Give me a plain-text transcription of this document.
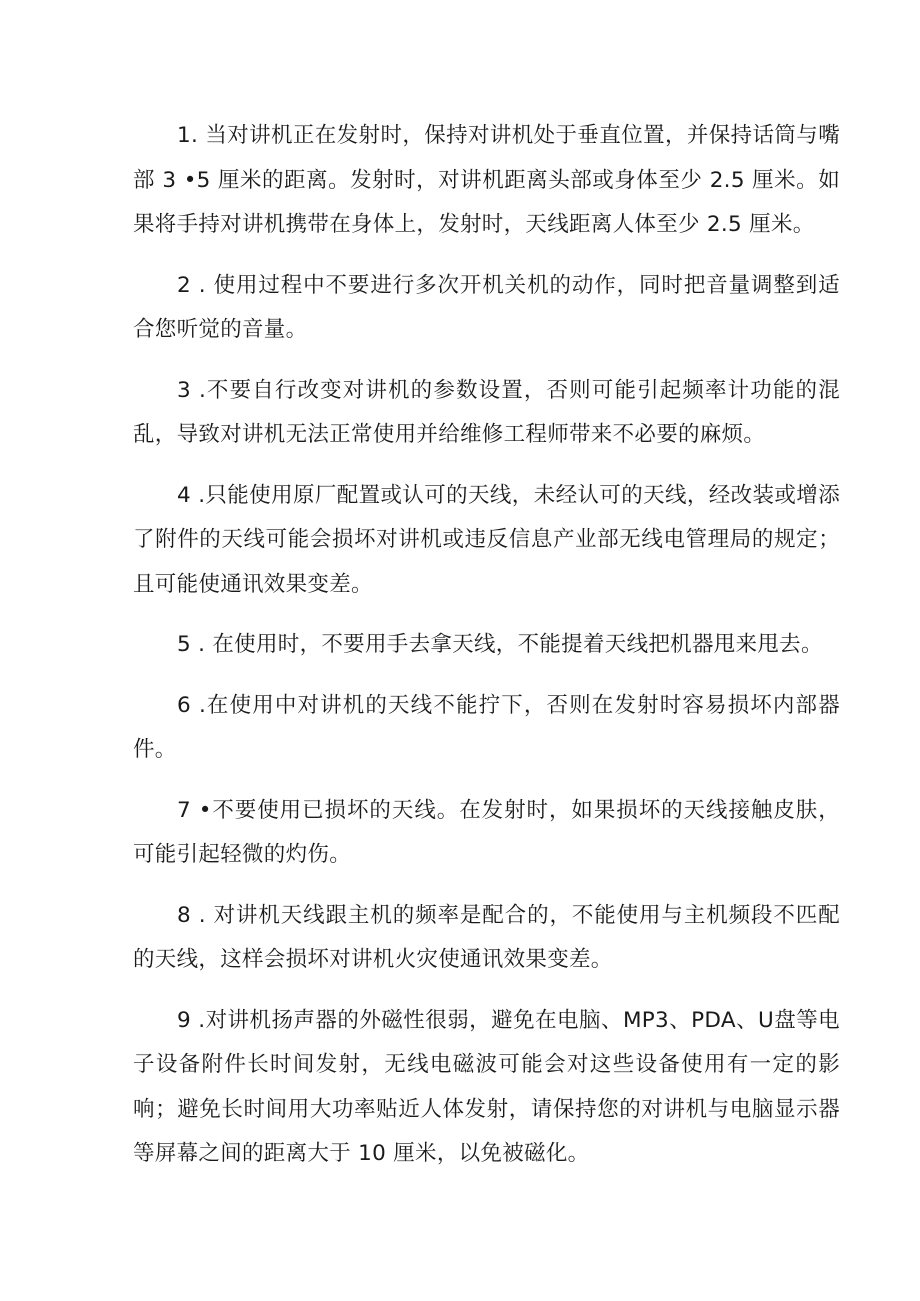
1. 当对讲机正在发射时，保持对讲机处于垂直位置，并保持话筒与嘴部 3 •5 厘米的距离。发射时，对讲机距离头部或身体至少 2.5 厘米。如果将手持对讲机携带在身体上，发射时，天线距离人体至少 2.5 厘米。

2 . 使用过程中不要进行多次开机关机的动作，同时把音量调整到适合您听觉的音量。

3 .不要自行改变对讲机的参数设置，否则可能引起频率计功能的混乱，导致对讲机无法正常使用并给维修工程师带来不必要的麻烦。

4 .只能使用原厂配置或认可的天线，未经认可的天线，经改装或增添了附件的天线可能会损坏对讲机或违反信息产业部无线电管理局的规定；且可能使通讯效果变差。

5 . 在使用时，不要用手去拿天线，不能提着天线把机器甩来甩去。

6 .在使用中对讲机的天线不能拧下，否则在发射时容易损坏内部器件。

7 •不要使用已损坏的天线。在发射时，如果损坏的天线接触皮肤，可能引起轻微的灼伤。

8 . 对讲机天线跟主机的频率是配合的，不能使用与主机频段不匹配的天线，这样会损坏对讲机火灾使通讯效果变差。

9 .对讲机扬声器的外磁性很弱，避免在电脑、MP3、PDA、U盘等电子设备附件长时间发射，无线电磁波可能会对这些设备使用有一定的影响；避免长时间用大功率贴近人体发射，请保持您的对讲机与电脑显示器等屏幕之间的距离大于 10 厘米，以免被磁化。
